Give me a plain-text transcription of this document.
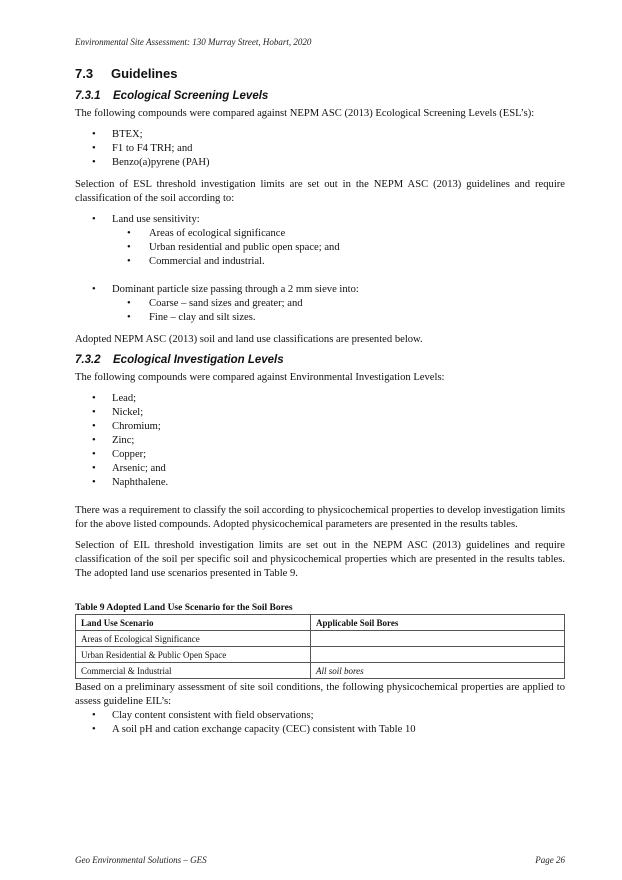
Environmental Site Assessment: 130 Murray Street, Hobart, 2020
7.3 Guidelines
7.3.1 Ecological Screening Levels

The following compounds were compared against NEPM ASC (2013) Ecological Screening Levels (ESL’s):

• BTEX;
• F1 to F4 TRH; and
• Benzo(a)pyrene (PAH)

Selection of ESL threshold investigation limits are set out in the NEPM ASC (2013) guidelines and require classification of the soil according to:

• Land use sensitivity:
• Areas of ecological significance
• Urban residential and public open space; and
• Commercial and industrial.
• Dominant particle size passing through a 2 mm sieve into:
• Coarse – sand sizes and greater; and
• Fine – clay and silt sizes.

Adopted NEPM ASC (2013) soil and land use classifications are presented below.

7.3.2 Ecological Investigation Levels

The following compounds were compared against Environmental Investigation Levels:

• Lead;
• Nickel;
• Chromium;
• Zinc;
• Copper;
• Arsenic; and
• Naphthalene.

There was a requirement to classify the soil according to physicochemical properties to develop investigation limits for the above listed compounds. Adopted physicochemical parameters are presented in the results tables.

Selection of EIL threshold investigation limits are set out in the NEPM ASC (2013) guidelines and require classification of the soil per specific soil and physicochemical properties which are presented in the results tables. The adopted land use scenarios presented in Table 9.

Table 9 Adopted Land Use Scenario for the Soil Bores
Land Use Scenario	Applicable Soil Bores
Areas of Ecological Significance	
Urban Residential & Public Open Space	
Commercial & Industrial	All soil bores

Based on a preliminary assessment of site soil conditions, the following physicochemical properties are applied to assess guideline EIL’s:

• Clay content consistent with field observations;
• A soil pH and cation exchange capacity (CEC) consistent with Table 10
Geo Environmental Solutions – GES	Page 26
